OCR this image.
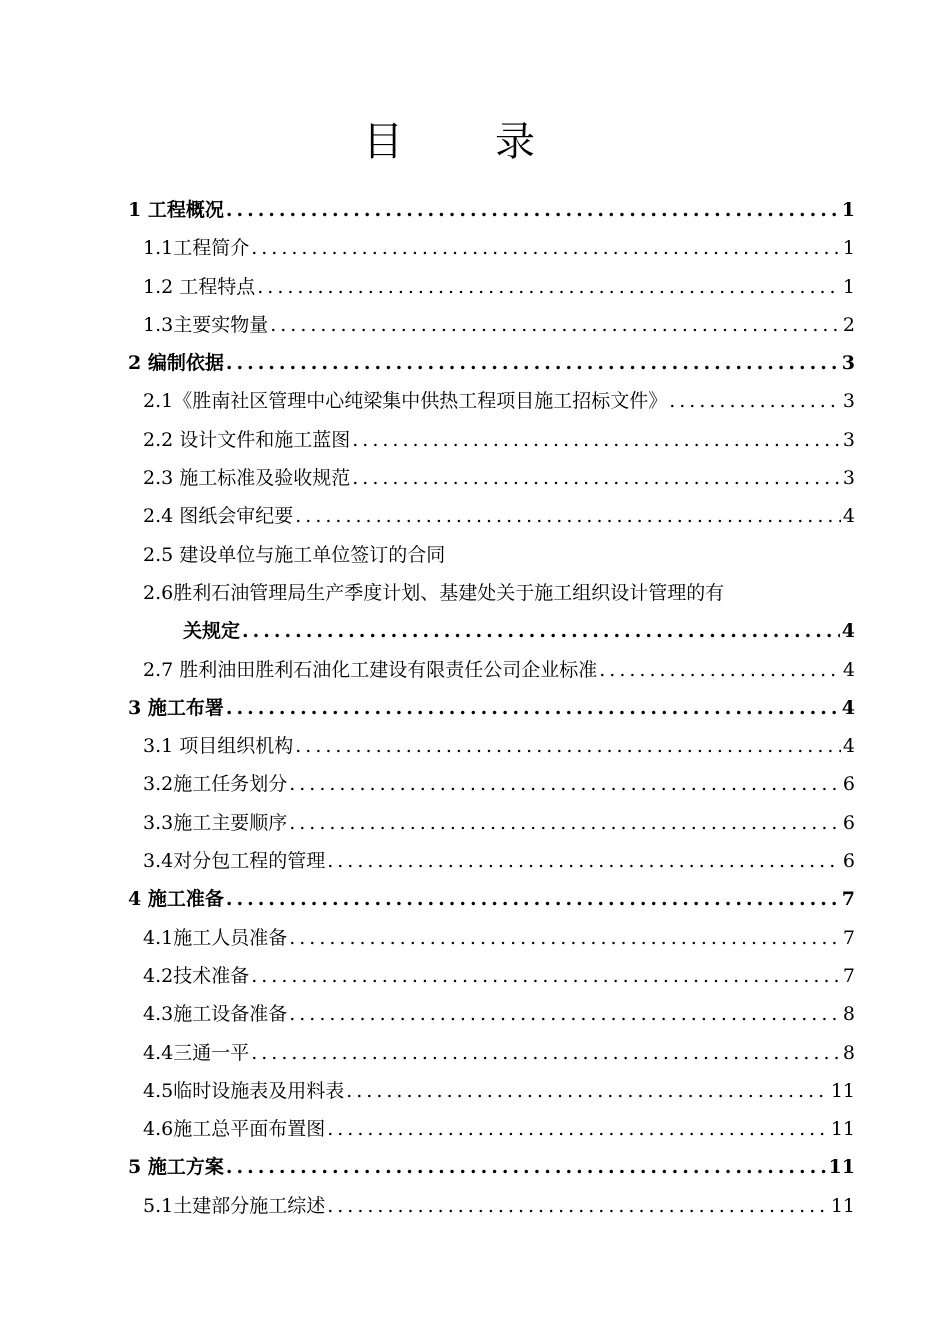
目录
1 工程概况 .....	1
1.1工程简介 .....	1
1.2 工程特点 .....	1
1.3主要实物量 .....	2
2 编制依据 .....	3
2.1《胜南社区管理中心纯梁集中供热工程项目施工招标文件》 .....	3
2.2 设计文件和施工蓝图 .....	3
2.3 施工标准及验收规范 .....	3
2.4 图纸会审纪要 .....	4
2.5 建设单位与施工单位签订的合同
2.6胜利石油管理局生产季度计划、基建处关于施工组织设计管理的有
关规定 .....	4
2.7 胜利油田胜利石油化工建设有限责任公司企业标准 .....	4
3 施工布署 .....	4
3.1 项目组织机构 .....	4
3.2施工任务划分 .....	6
3.3施工主要顺序 .....	6
3.4对分包工程的管理 .....	6
4 施工准备 .....	7
4.1施工人员准备 .....	7
4.2技术准备 .....	7
4.3施工设备准备 .....	8
4.4三通一平 .....	8
4.5临时设施表及用料表 .....	11
4.6施工总平面布置图 .....	11
5 施工方案 .....	11
5.1土建部分施工综述 .....	11
